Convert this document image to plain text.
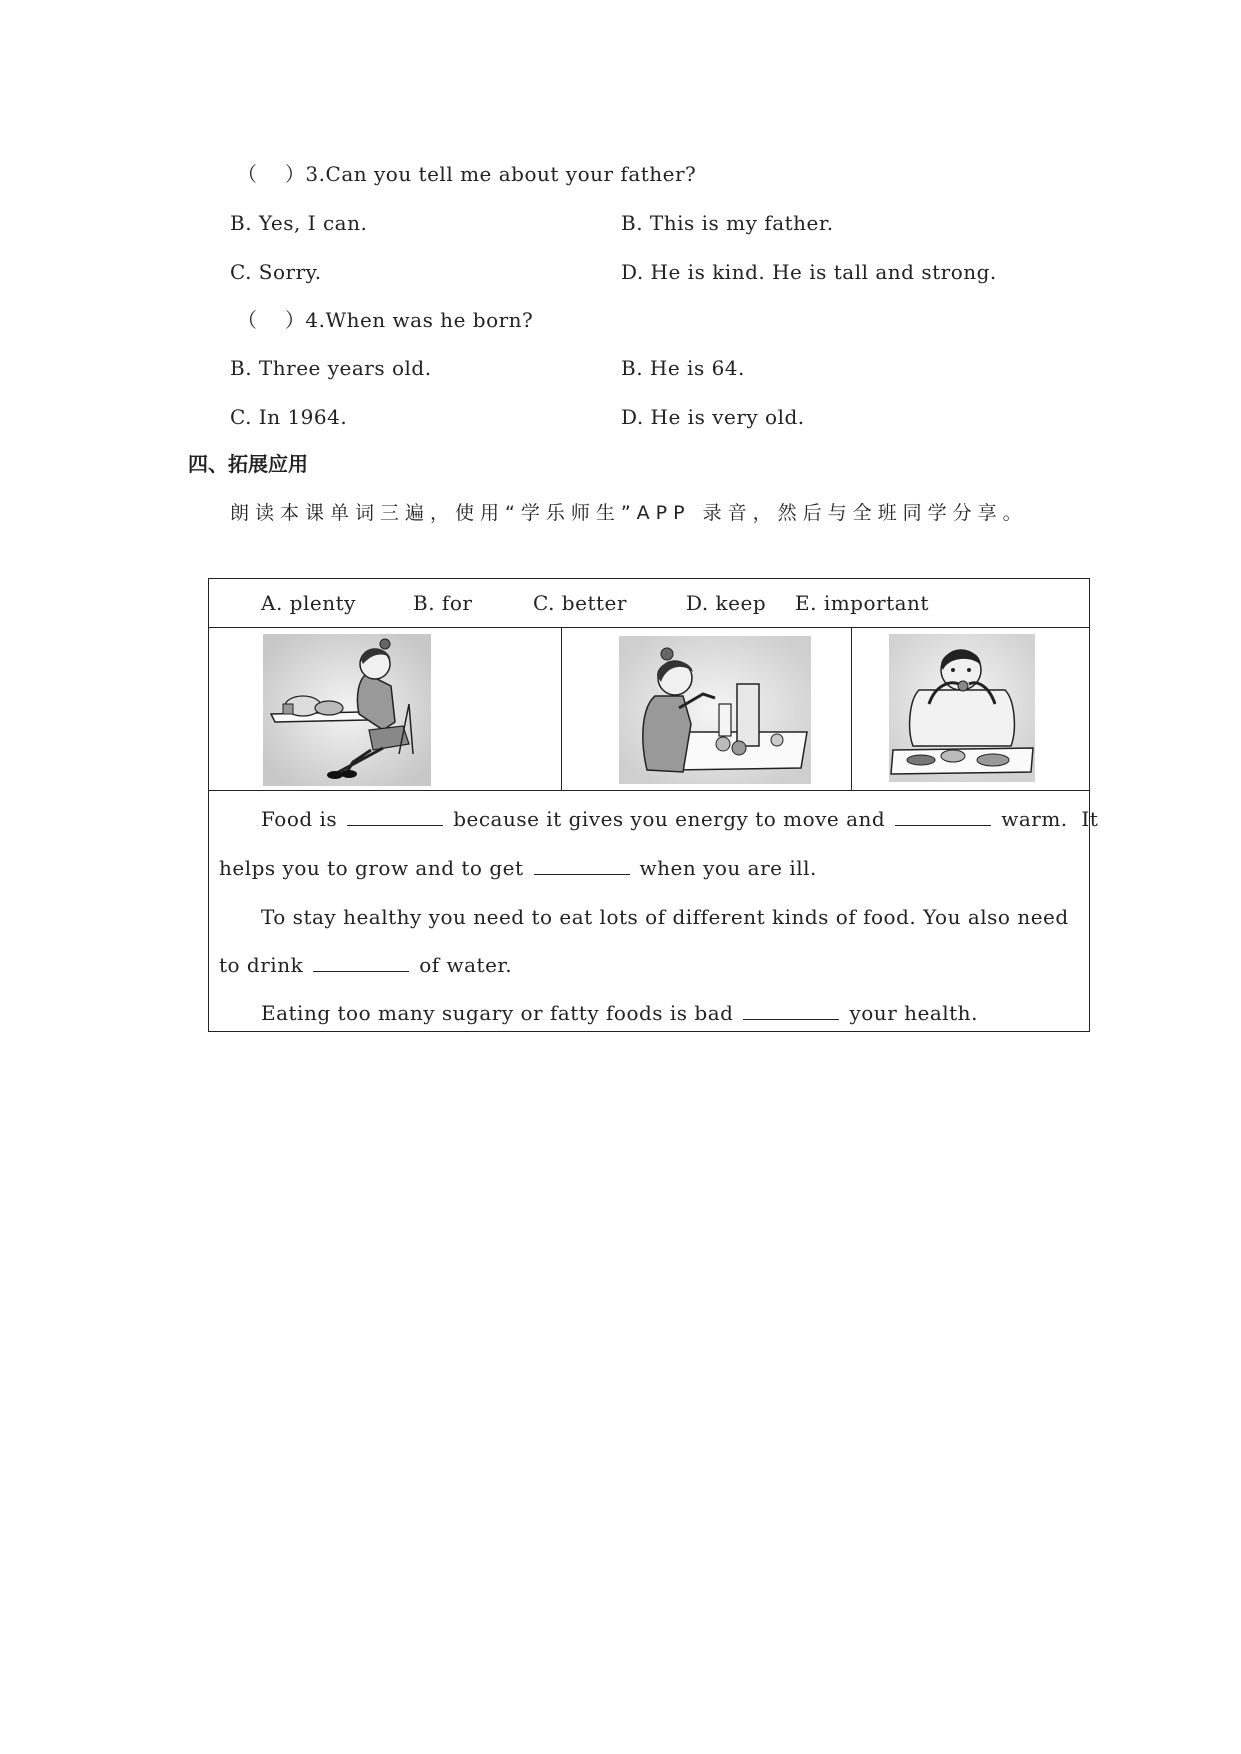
（    ）3.Can you tell me about your father?
B. Yes, I can.	B. This is my father.
C. Sorry.	D. He is kind. He is tall and strong.
（    ）4.When was he born?
B. Three years old.	B. He is 64.
C. In 1964.	D. He is very old.
四、拓展应用
朗读本课单词三遍，使用“学乐师生”APP 录音，然后与全班同学分享。
A. plenty	B. for	C. better	D. keep E. important
Food is	because it gives you energy to move and	warm.  It
helps you to grow and to get	when you are ill.
To stay healthy you need to eat lots of different kinds of food. You also need
to drink	of water.
Eating too many sugary or fatty foods is bad	your health.
